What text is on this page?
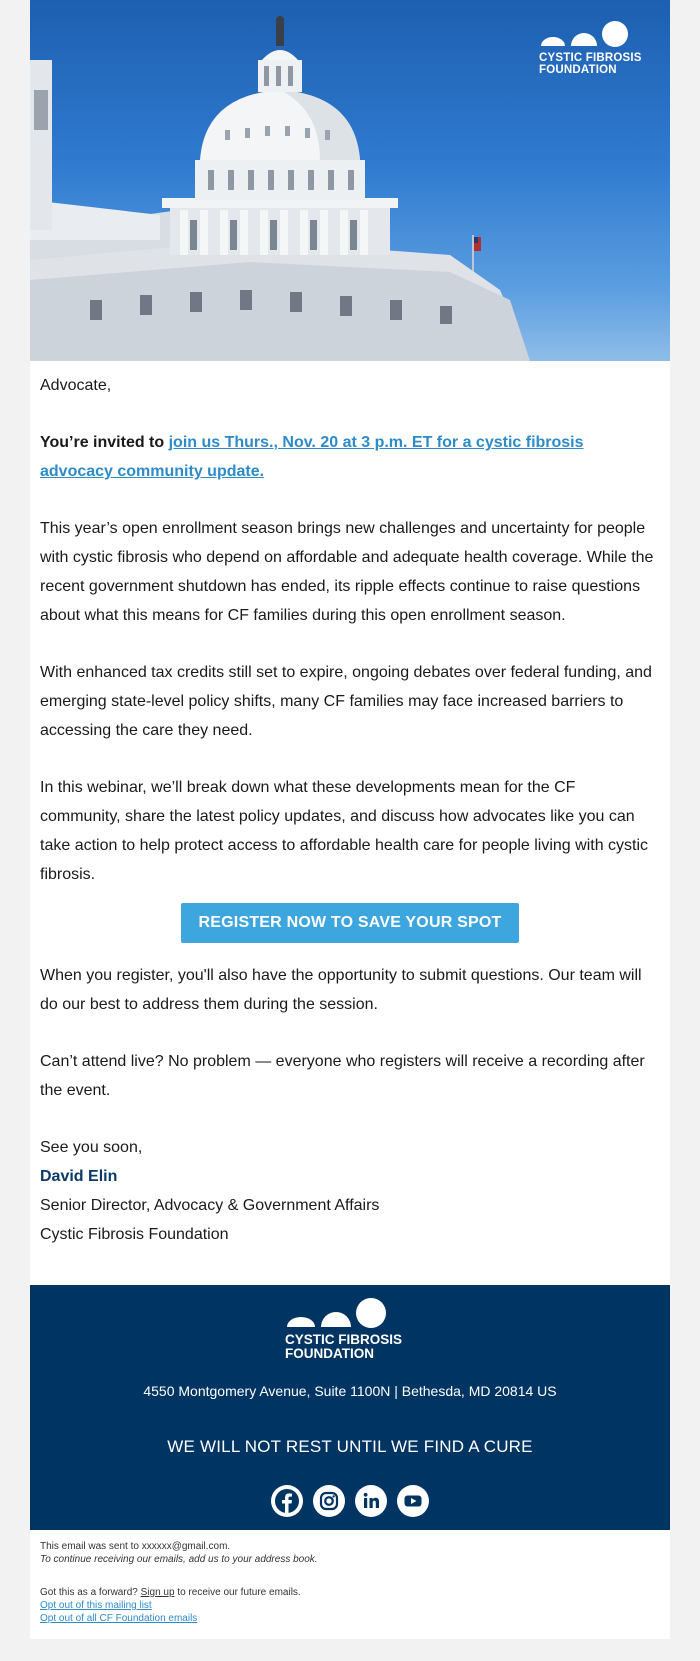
CYSTIC FIBROSIS
FOUNDATION

Advocate,

You’re invited to join us Thurs., Nov. 20 at 3 p.m. ET for a cystic fibrosis advocacy community update.

This year’s open enrollment season brings new challenges and uncertainty for people with cystic fibrosis who depend on affordable and adequate health coverage. While the recent government shutdown has ended, its ripple effects continue to raise questions about what this means for CF families during this open enrollment season.

With enhanced tax credits still set to expire, ongoing debates over federal funding, and emerging state-level policy shifts, many CF families may face increased barriers to accessing the care they need.

In this webinar, we’ll break down what these developments mean for the CF community, share the latest policy updates, and discuss how advocates like you can take action to help protect access to affordable health care for people living with cystic fibrosis.

REGISTER NOW TO SAVE YOUR SPOT

When you register, you'll also have the opportunity to submit questions. Our team will do our best to address them during the session.

Can’t attend live? No problem — everyone who registers will receive a recording after the event.

See you soon,
David Elin
Senior Director, Advocacy & Government Affairs
Cystic Fibrosis Foundation
CYSTIC FIBROSIS
FOUNDATION
4550 Montgomery Avenue, Suite 1100N | Bethesda, MD 20814 US
WE WILL NOT REST UNTIL WE FIND A CURE
This email was sent to xxxxxx@gmail.com.
To continue receiving our emails, add us to your address book.
Got this as a forward? Sign up to receive our future emails.
Opt out of this mailing list
Opt out of all CF Foundation emails
